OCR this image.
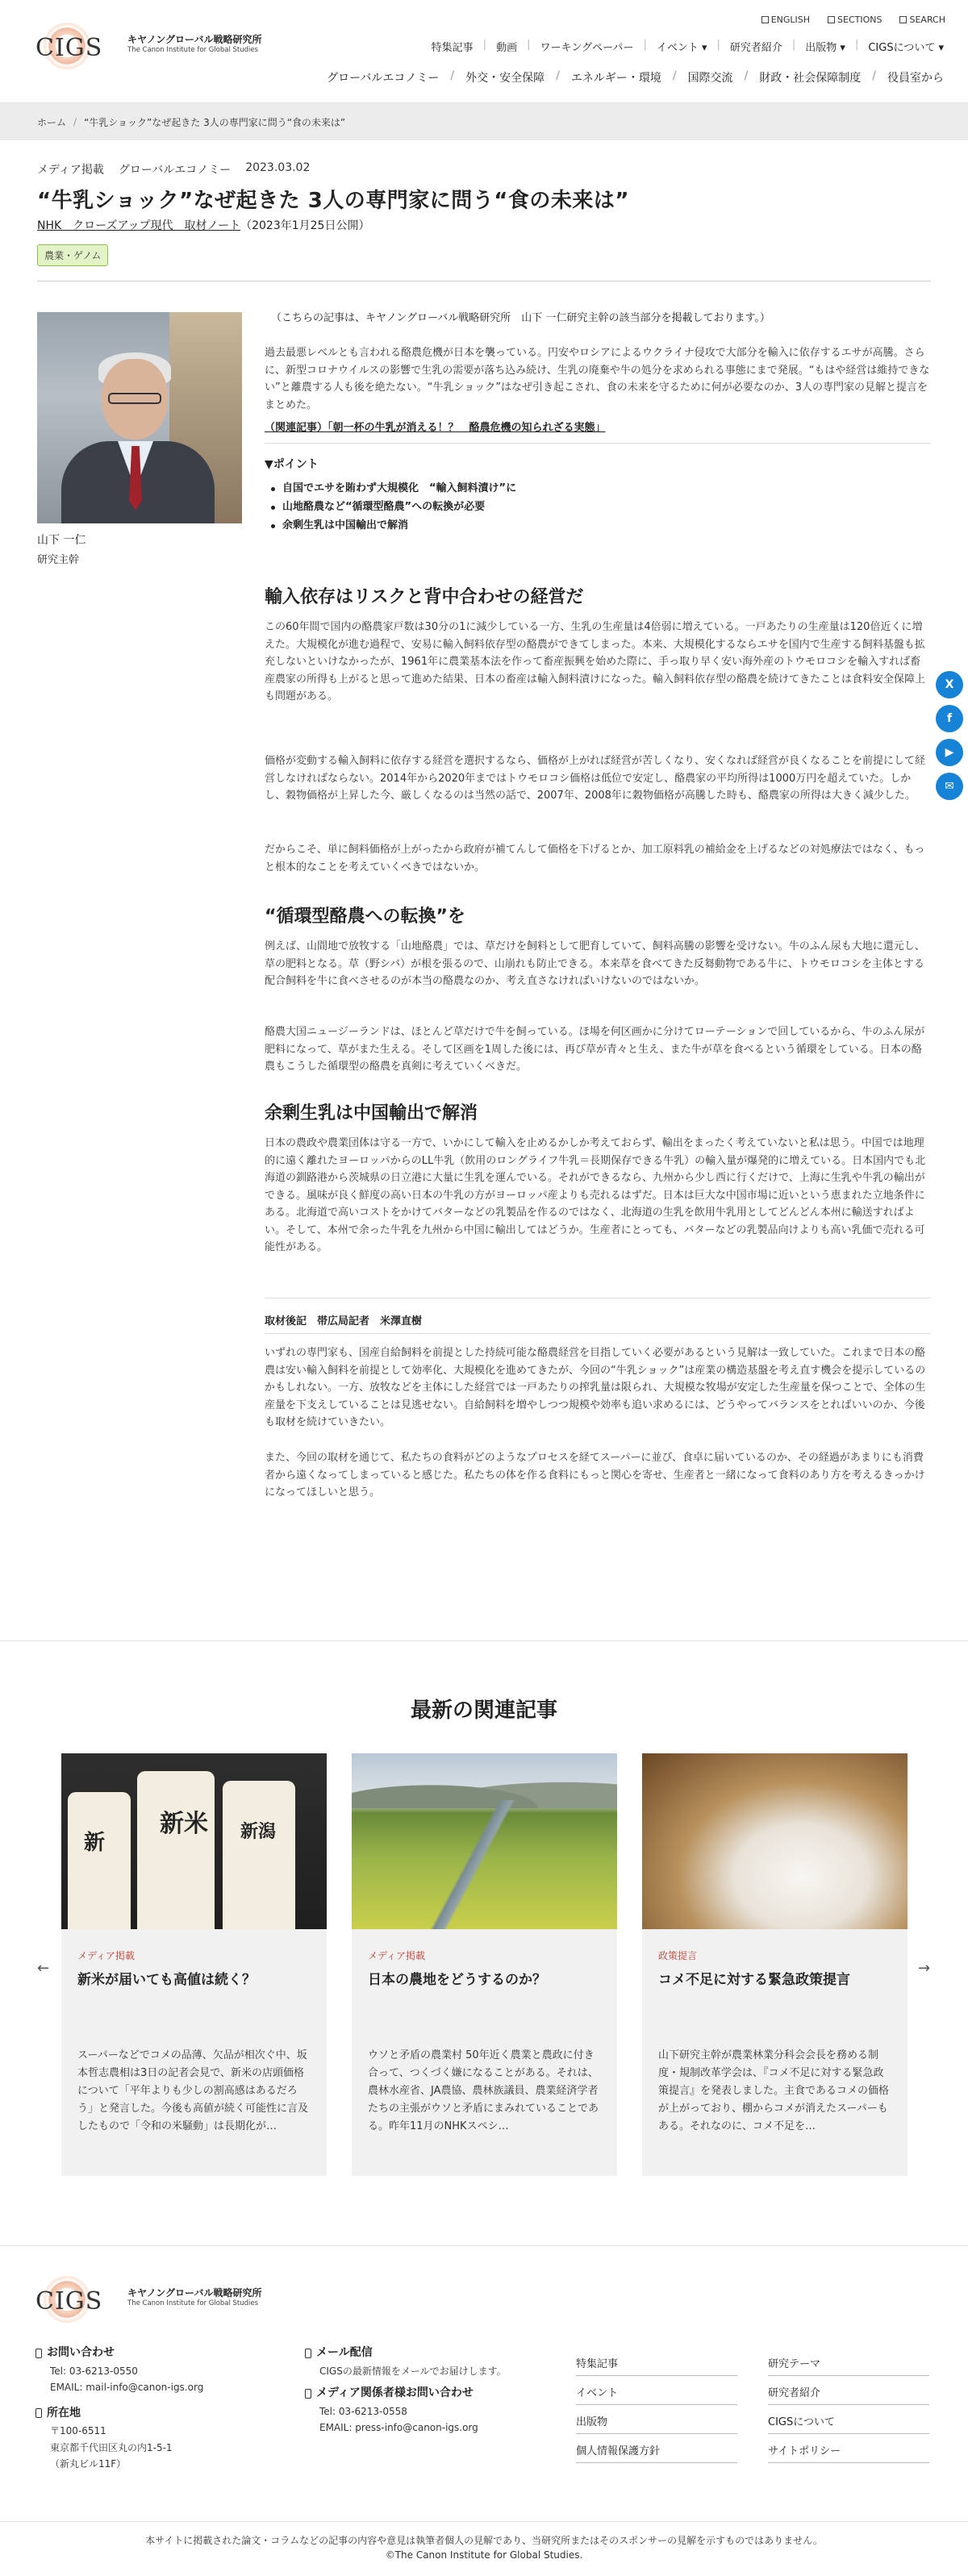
CIGS	キヤノングローバル戦略研究所
The Canon Institute for Global Studies
ENGLISH	SECTIONS	SEARCH
特集記事 | 動画 | ワーキングペーパー | イベント ▾ | 研究者紹介 | 出版物 ▾ | CIGSについて ▾
グローバルエコノミー / 外交・安全保障 / エネルギー・環境 / 国際交流 / 財政・社会保障制度 / 役員室から
ホーム / “牛乳ショック”なぜ起きた 3人の専門家に問う“食の未来は”
メディア掲載 グローバルエコノミー 2023.03.02
“牛乳ショック”なぜ起きた 3人の専門家に問う“食の未来は”
NHK　クローズアップ現代　取材ノート（2023年1月25日公開）
農業・ゲノム
山下 一仁
研究主幹

（こちらの記事は、キヤノングローバル戦略研究所　山下 一仁研究主幹の該当部分を掲載しております。）

過去最悪レベルとも言われる酪農危機が日本を襲っている。円安やロシアによるウクライナ侵攻で大部分を輸入に依存するエサが高騰。さらに、新型コロナウイルスの影響で生乳の需要が落ち込み続け、生乳の廃棄や牛の処分を求められる事態にまで発展。“もはや経営は維持できない”と離農する人も後を絶たない。“牛乳ショック”はなぜ引き起こされ、食の未来を守るために何が必要なのか、3人の専門家の見解と提言をまとめた。

（関連記事）「朝一杯の牛乳が消える！？　酪農危機の知られざる実態」
▼ポイント
自国でエサを賄わず大規模化　“輸入飼料漬け”に
山地酪農など“循環型酪農”への転換が必要
余剰生乳は中国輸出で解消
輸入依存はリスクと背中合わせの経営だ

この60年間で国内の酪農家戸数は30分の1に減少している一方、生乳の生産量は4倍弱に増えている。一戸あたりの生産量は120倍近くに増えた。大規模化が進む過程で、安易に輸入飼料依存型の酪農ができてしまった。本来、大規模化するならエサを国内で生産する飼料基盤も拡充しないといけなかったが、1961年に農業基本法を作って畜産振興を始めた際に、手っ取り早く安い海外産のトウモロコシを輸入すれば畜産農家の所得も上がると思って進めた結果、日本の畜産は輸入飼料漬けになった。輸入飼料依存型の酪農を続けてきたことは食料安全保障上も問題がある。

価格が変動する輸入飼料に依存する経営を選択するなら、価格が上がれば経営が苦しくなり、安くなれば経営が良くなることを前提にして経営しなければならない。2014年から2020年まではトウモロコシ価格は低位で安定し、酪農家の平均所得は1000万円を超えていた。しかし、穀物価格が上昇した今、厳しくなるのは当然の話で、2007年、2008年に穀物価格が高騰した時も、酪農家の所得は大きく減少した。

だからこそ、単に飼料価格が上がったから政府が補てんして価格を下げるとか、加工原料乳の補給金を上げるなどの対処療法ではなく、もっと根本的なことを考えていくべきではないか。

“循環型酪農への転換”を

例えば、山間地で放牧する「山地酪農」では、草だけを飼料として肥育していて、飼料高騰の影響を受けない。牛のふん尿も大地に還元し、草の肥料となる。草（野シバ）が根を張るので、山崩れも防止できる。本来草を食べてきた反芻動物である牛に、トウモロコシを主体とする配合飼料を牛に食べさせるのが本当の酪農なのか、考え直さなければいけないのではないか。

酪農大国ニュージーランドは、ほとんど草だけで牛を飼っている。ほ場を何区画かに分けてローテーションで回しているから、牛のふん尿が肥料になって、草がまた生える。そして区画を1周した後には、再び草が青々と生え、また牛が草を食べるという循環をしている。日本の酪農もこうした循環型の酪農を真剣に考えていくべきだ。

余剰生乳は中国輸出で解消

日本の農政や農業団体は守る一方で、いかにして輸入を止めるかしか考えておらず、輸出をまったく考えていないと私は思う。中国では地理的に遠く離れたヨーロッパからのLL牛乳（飲用のロングライフ牛乳＝長期保存できる牛乳）の輸入量が爆発的に増えている。日本国内でも北海道の釧路港から茨城県の日立港に大量に生乳を運んでいる。それができるなら、九州から少し西に行くだけで、上海に生乳や牛乳の輸出ができる。風味が良く鮮度の高い日本の牛乳の方がヨーロッパ産よりも売れるはずだ。日本は巨大な中国市場に近いという恵まれた立地条件にある。北海道で高いコストをかけてバターなどの乳製品を作るのではなく、北海道の生乳を飲用牛乳用としてどんどん本州に輸送すればよい。そして、本州で余った牛乳を九州から中国に輸出してはどうか。生産者にとっても、バターなどの乳製品向けよりも高い乳価で売れる可能性がある。

取材後記　帯広局記者　米澤直樹

いずれの専門家も、国産自給飼料を前提とした持続可能な酪農経営を目指していく必要があるという見解は一致していた。これまで日本の酪農は安い輸入飼料を前提として効率化、大規模化を進めてきたが、今回の“牛乳ショック”は産業の構造基盤を考え直す機会を提示しているのかもしれない。一方、放牧などを主体にした経営では一戸あたりの搾乳量は限られ、大規模な牧場が安定した生産量を保つことで、全体の生産量を下支えしていることは見逃せない。自給飼料を増やしつつ規模や効率も追い求めるには、どうやってバランスをとればいいのか、今後も取材を続けていきたい。

また、今回の取材を通じて、私たちの食料がどのようなプロセスを経てスーパーに並び、食卓に届いているのか、その経過があまりにも消費者から遠くなってしまっていると感じた。私たちの体を作る食料にもっと関心を寄せ、生産者と一緒になって食料のあり方を考えるきっかけになってほしいと思う。

X
f
▶
✉
最新の関連記事
←	→
新
新米 新潟
メディア掲載
新米が届いても高値は続く？
スーパーなどでコメの品薄、欠品が相次ぐ中、坂本哲志農相は3日の記者会見で、新米の店頭価格について「平年よりも少しの割高感はあるだろう」と発言した。今後も高値が続く可能性に言及したもので「令和の米騒動」は長期化が…
メディア掲載
日本の農地をどうするのか？
ウソと矛盾の農業村 50年近く農業と農政に付き合って、つくづく嫌になることがある。それは、農林水産省、JA農協、農林族議員、農業経済学者たちの主張がウソと矛盾にまみれていることである。昨年11月のNHKスペシ…
政策提言
コメ不足に対する緊急政策提言
山下研究主幹が農業林業分科会会長を務める制度・規制改革学会は、『コメ不足に対する緊急政策提言』を発表しました。主食であるコメの価格が上がっており、棚からコメが消えたスーパーもある。それなのに、コメ不足を…
CIGS	キヤノングローバル戦略研究所
The Canon Institute for Global Studies
お問い合わせ
Tel: 03-6213-0550
EMAIL: mail-info@canon-igs.org
所在地
〒100-6511
東京都千代田区丸の内1-5-1
（新丸ビル11F）
メール配信
CIGSの最新情報をメールでお届けします。
メディア関係者様お問い合わせ
Tel: 03-6213-0558
EMAIL: press-info@canon-igs.org
特集記事	研究テーマ
イベント	研究者紹介
出版物	CIGSについて
個人情報保護方針	サイトポリシー
本サイトに掲載された論文・コラムなどの記事の内容や意見は執筆者個人の見解であり、当研究所またはそのスポンサーの見解を示すものではありません。
©The Canon Institute for Global Studies.
